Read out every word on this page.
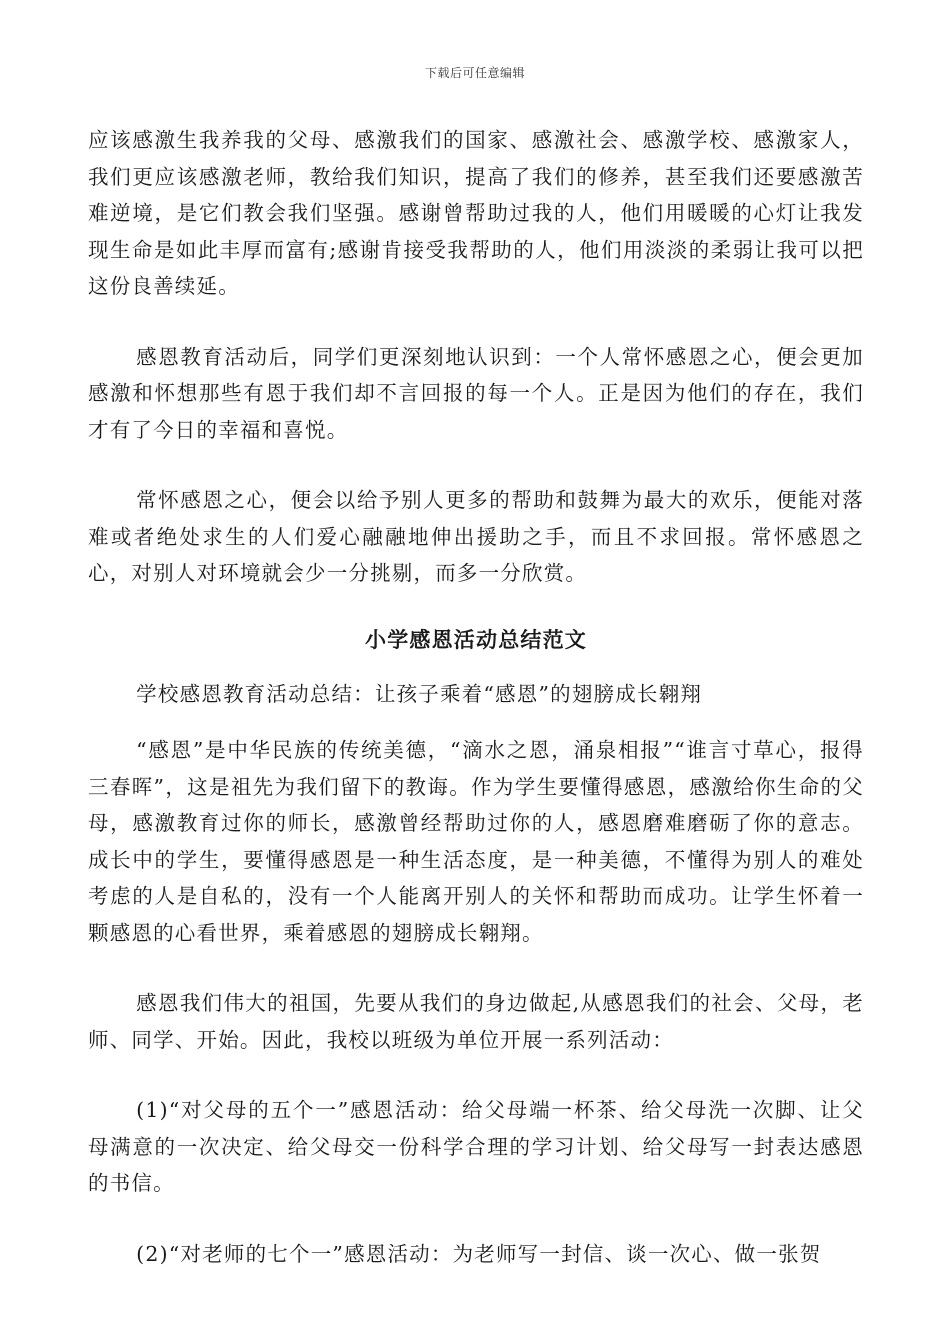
下载后可任意编辑

应该感激生我养我的父母、感激我们的国家、感激社会、感激学校、感激家人，我们更应该感激老师，教给我们知识，提高了我们的修养，甚至我们还要感激苦难逆境，是它们教会我们坚强。感谢曾帮助过我的人，他们用暖暖的心灯让我发现生命是如此丰厚而富有;感谢肯接受我帮助的人，他们用淡淡的柔弱让我可以把这份良善续延。

感恩教育活动后，同学们更深刻地认识到：一个人常怀感恩之心，便会更加感激和怀想那些有恩于我们却不言回报的每一个人。正是因为他们的存在，我们才有了今日的幸福和喜悦。

常怀感恩之心，便会以给予别人更多的帮助和鼓舞为最大的欢乐，便能对落难或者绝处求生的人们爱心融融地伸出援助之手，而且不求回报。常怀感恩之心，对别人对环境就会少一分挑剔，而多一分欣赏。

小学感恩活动总结范文

学校感恩教育活动总结：让孩子乘着“感恩”的翅膀成长翱翔

“感恩”是中华民族的传统美德，“滴水之恩，涌泉相报”“谁言寸草心，报得三春晖”，这是祖先为我们留下的教诲。作为学生要懂得感恩，感激给你生命的父母，感激教育过你的师长，感激曾经帮助过你的人，感恩磨难磨砺了你的意志。成长中的学生，要懂得感恩是一种生活态度，是一种美德，不懂得为别人的难处考虑的人是自私的，没有一个人能离开别人的关怀和帮助而成功。让学生怀着一颗感恩的心看世界，乘着感恩的翅膀成长翱翔。

感恩我们伟大的祖国，先要从我们的身边做起,从感恩我们的社会、父母，老师、同学、开始。因此，我校以班级为单位开展一系列活动：

(1)“对父母的五个一”感恩活动：给父母端一杯茶、给父母洗一次脚、让父母满意的一次决定、给父母交一份科学合理的学习计划、给父母写一封表达感恩的书信。

(2)“对老师的七个一”感恩活动：为老师写一封信、谈一次心、做一张贺
